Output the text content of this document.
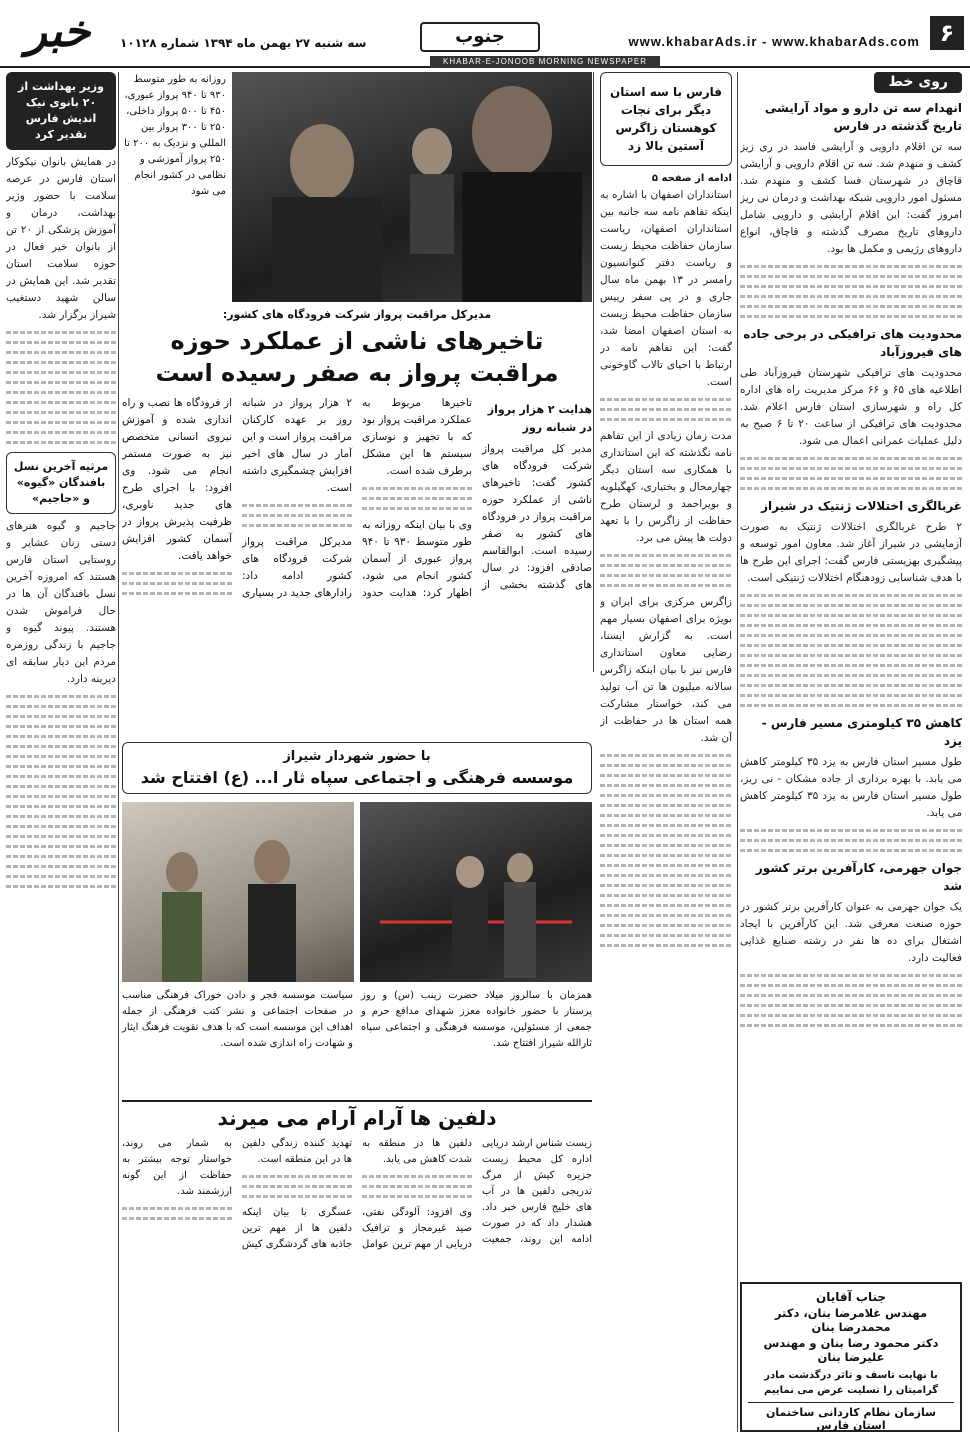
۶
www.khabarAds.ir - www.khabarAds.com
جنوب
سه شنبه ۲۷ بهمن ماه ۱۳۹۴ شماره ۱۰۱۲۸
خبر
KHABAR-E-JONOOB MORNING NEWSPAPER
روی خط
انهدام سه تن دارو و مواد آرایشی تاریخ گذشته در فارس
سه تن اقلام دارویی و آرایشی فاسد در ری زیز کشف و منهدم شد. سه تن اقلام دارویی و آرایشی قاچاق در شهرستان فسا کشف و منهدم شد. مسئول امور دارویی شبکه بهداشت و درمان نی ریز امروز گفت: این اقلام آرایشی و دارویی شامل داروهای تاریخ مصرف گذشته و قاچاق، انواع داروهای رژیمی و مکمل ها بود.
محدودیت های ترافیکی در برخی جاده های فیروزآباد
محدودیت های ترافیکی شهرستان فیروزآباد طی اطلاعیه های ۶۵ و ۶۶ مرکز مدیریت راه های اداره کل راه و شهرسازی استان فارس اعلام شد. محدودیت های ترافیکی از ساعت ۲۰ تا ۶ صبح به دلیل عملیات عمرانی اعمال می شود.
غربالگری اختلالات ژنتیک در شیراز
۲ طرح غربالگری اختلالات ژنتیک به صورت آزمایشی در شیراز آغاز شد. معاون امور توسعه و پیشگیری بهزیستی فارس گفت: اجرای این طرح ها با هدف شناسایی زودهنگام اختلالات ژنتیکی است.
کاهش ۳۵ کیلومتری مسیر فارس - یزد
طول مسیر استان فارس به یزد ۳۵ کیلومتر کاهش می یابد. با بهره برداری از جاده مشکان - نی ریز، طول مسیر استان فارس به یزد ۳۵ کیلومتر کاهش می یابد.
جوان جهرمی، کارآفرین برتر کشور شد
یک جوان جهرمی به عنوان کارآفرین برتر کشور در حوزه صنعت معرفی شد. این کارآفرین با ایجاد اشتغال برای ده ها نفر در رشته صنایع غذایی فعالیت دارد.
جناب آقایان
مهندس غلامرضا بنان، دکتر محمدرضا بنان
دکتر محمود رضا بنان و مهندس علیرضا بنان
با نهایت تاسف و تاثر درگذشت مادر گرامیتان را تسلیت عرض می نماییم
سازمان نظام کاردانی ساختمان استان فارس
فارس با سه استان دیگر برای نجات کوهستان زاگرس آستین بالا زد
ادامه از صفحه ۵
استانداران اصفهان با اشاره به اینکه تفاهم نامه سه جانبه بین استانداران اصفهان، ریاست سازمان حفاظت محیط زیست و ریاست دفتر کنوانسیون رامسر در ۱۳ بهمن ماه سال جاری و در پی سفر رییس سازمان حفاظت محیط زیست به استان اصفهان امضا شد، گفت: این تفاهم نامه در ارتباط با احیای تالاب گاوخونی است.
مدت زمان زیادی از این تفاهم نامه نگذشته که این استانداری با همکاری سه استان دیگر چهارمحال و بختیاری، کهگیلویه و بویراحمد و لرستان طرح حفاظت از زاگرس را با تعهد دولت ها پیش می برد.
زاگرس مرکزی برای ایران و بویژه برای اصفهان بسیار مهم است. به گزارش ایسنا، رضایی معاون استانداری فارس نیز با بیان اینکه زاگرس سالانه میلیون ها تن آب تولید می کند، خواستار مشارکت همه استان ها در حفاظت از آن شد.
روزانه به طور متوسط ۹۳۰ تا ۹۴۰ پرواز عبوری، ۴۵۰ تا ۵۰۰ پرواز داخلی، ۲۵۰ تا ۳۰۰ پرواز بین المللی و نزدیک به ۲۰۰ تا ۲۵۰ پرواز آموزشی و نظامی در کشور انجام می شود
مدیرکل مراقبت پرواز شرکت فرودگاه های کشور:
تاخیرهای ناشی از عملکرد حوزه مراقبت پرواز به صفر رسیده است
هدایت ۲ هزار پرواز در شبانه روز
مدیر کل مراقبت پرواز شرکت فرودگاه های کشور گفت: تاخیرهای ناشی از عملکرد حوزه مراقبت پرواز در فرودگاه های کشور به صفر رسیده است. ابوالقاسم صادقی افزود: در سال های گذشته بخشی از تاخیرها مربوط به عملکرد مراقبت پرواز بود که با تجهیز و نوسازی سیستم ها این مشکل برطرف شده است.
وی با بیان اینکه روزانه به طور متوسط ۹۳۰ تا ۹۴۰ پرواز عبوری از آسمان کشور انجام می شود، اظهار کرد: هدایت حدود ۲ هزار پرواز در شبانه روز بر عهده کارکنان مراقبت پرواز است و این آمار در سال های اخیر افزایش چشمگیری داشته است.
مدیرکل مراقبت پرواز شرکت فرودگاه های کشور ادامه داد: رادارهای جدید در بسیاری از فرودگاه ها نصب و راه اندازی شده و آموزش نیروی انسانی متخصص نیز به صورت مستمر انجام می شود. وی افزود: با اجرای طرح های جدید ناوبری، ظرفیت پذیرش پرواز در آسمان کشور افزایش خواهد یافت.
با حضور شهردار شیراز
موسسه فرهنگی و اجتماعی سپاه ثار ا... (ع) افتتاح شد
همزمان با سالروز میلاد حضرت زینب (س) و روز پرستار با حضور خانواده معزز شهدای مدافع حرم و جمعی از مسئولین، موسسه فرهنگی و اجتماعی سپاه ثارالله شیراز افتتاح شد.
سیاست موسسه فجر و دادن خوراک فرهنگی مناسب در صفحات اجتماعی و نشر کتب فرهنگی از جمله اهداف این موسسه است که با هدف تقویت فرهنگ ایثار و شهادت راه اندازی شده است.
دلفین ها آرام آرام می میرند
زیست شناس ارشد دریایی اداره کل محیط زیست جزیره کیش از مرگ تدریجی دلفین ها در آب های خلیج فارس خبر داد. هشدار داد که در صورت ادامه این روند، جمعیت دلفین ها در منطقه به شدت کاهش می یابد.
وی افزود: آلودگی نفتی، صید غیرمجاز و ترافیک دریایی از مهم ترین عوامل تهدید کننده زندگی دلفین ها در این منطقه است.
عسگری با بیان اینکه دلفین ها از مهم ترین جاذبه های گردشگری کیش به شمار می روند، خواستار توجه بیشتر به حفاظت از این گونه ارزشمند شد.
وزیر بهداشت از ۲۰ بانوی نیک اندیش فارس تقدیر کرد
در همایش بانوان نیکوکار استان فارس در عرصه سلامت با حضور وزیر بهداشت، درمان و آموزش پزشکی از ۲۰ تن از بانوان خیر فعال در حوزه سلامت استان تقدیر شد. این همایش در سالن شهید دستغیب شیراز برگزار شد.
مرثیه آخرین نسل بافندگان «گیوه» و «جاجیم»
جاجیم و گیوه هنرهای دستی زنان عشایر و روستایی استان فارس هستند که امروزه آخرین نسل بافندگان آن ها در حال فراموش شدن هستند. پیوند گیوه و جاجیم با زندگی روزمره مردم این دیار سابقه ای دیرینه دارد.
